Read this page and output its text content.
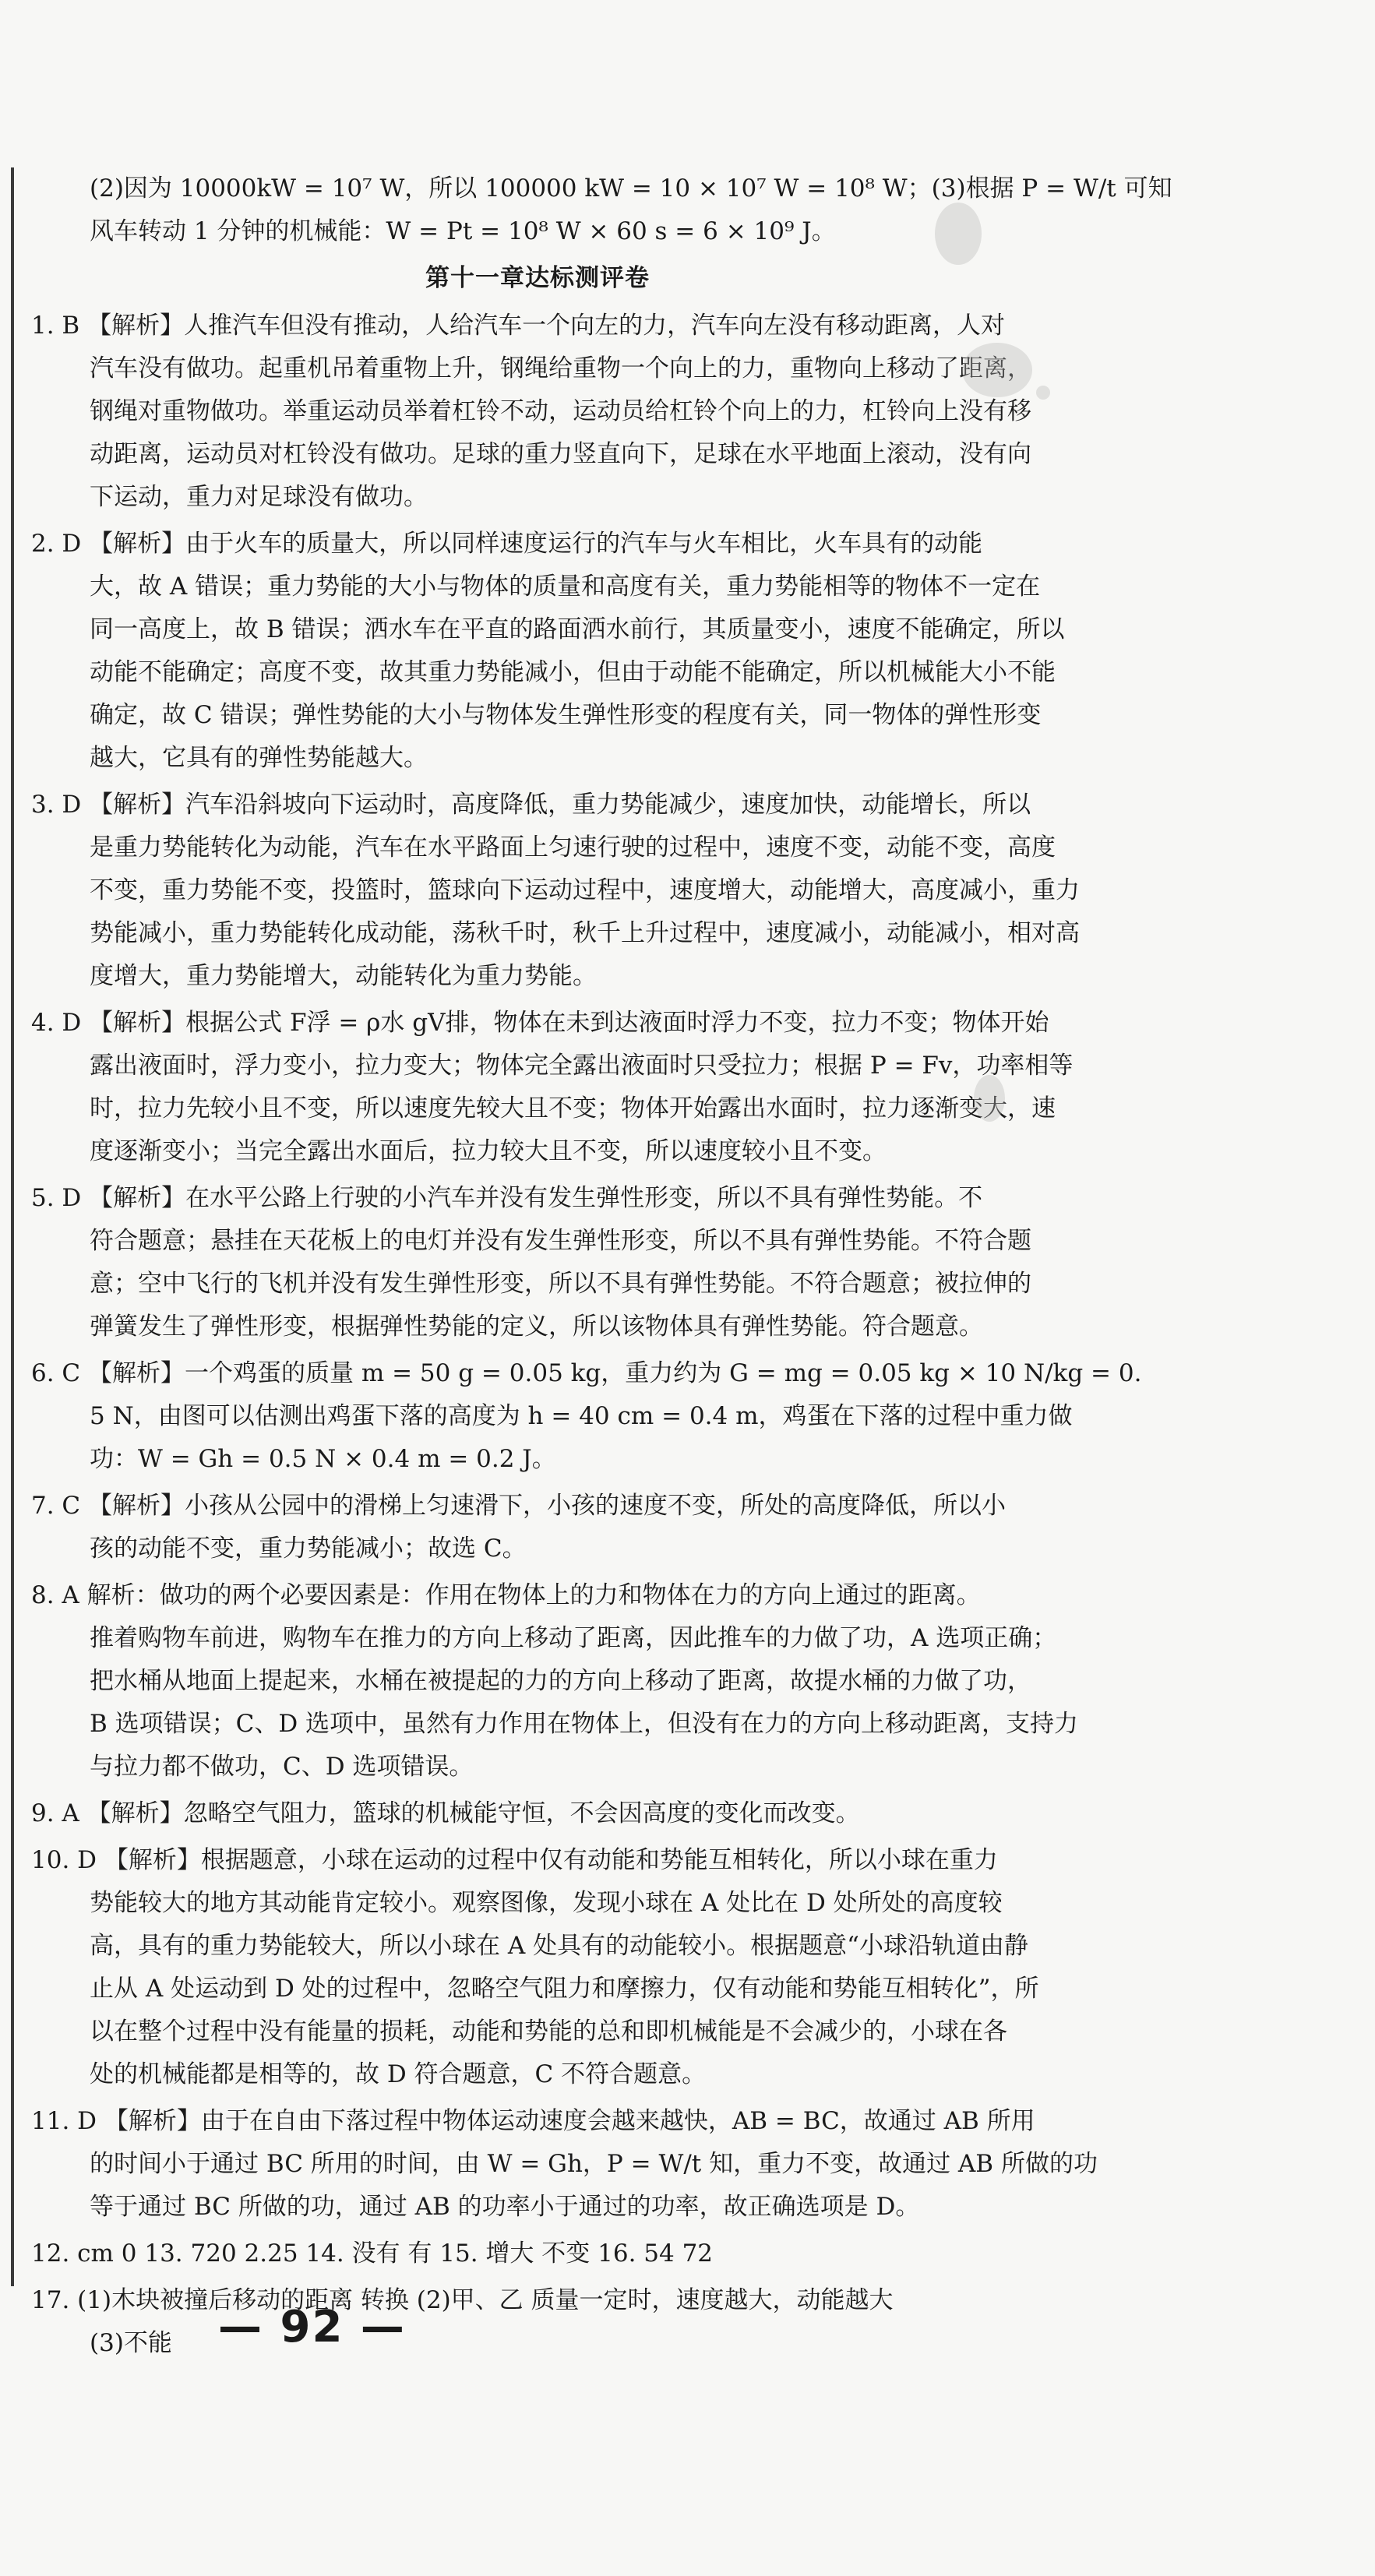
(2)因为 10000kW = 10⁷ W，所以 100000 kW = 10 × 10⁷ W = 10⁸ W；(3)根据 P = W/t 可知
风车转动 1 分钟的机械能：W = Pt = 10⁸ W × 60 s = 6 × 10⁹ J。
第十一章达标测评卷
1. B 【解析】人推汽车但没有推动，人给汽车一个向左的力，汽车向左没有移动距离，人对
汽车没有做功。起重机吊着重物上升，钢绳给重物一个向上的力，重物向上移动了距离，
钢绳对重物做功。举重运动员举着杠铃不动，运动员给杠铃个向上的力，杠铃向上没有移
动距离，运动员对杠铃没有做功。足球的重力竖直向下，足球在水平地面上滚动，没有向
下运动，重力对足球没有做功。
2. D 【解析】由于火车的质量大，所以同样速度运行的汽车与火车相比，火车具有的动能
大，故 A 错误；重力势能的大小与物体的质量和高度有关，重力势能相等的物体不一定在
同一高度上，故 B 错误；洒水车在平直的路面洒水前行，其质量变小，速度不能确定，所以
动能不能确定；高度不变，故其重力势能减小，但由于动能不能确定，所以机械能大小不能
确定，故 C 错误；弹性势能的大小与物体发生弹性形变的程度有关，同一物体的弹性形变
越大，它具有的弹性势能越大。
3. D 【解析】汽车沿斜坡向下运动时，高度降低，重力势能减少，速度加快，动能增长，所以
是重力势能转化为动能，汽车在水平路面上匀速行驶的过程中，速度不变，动能不变，高度
不变，重力势能不变，投篮时，篮球向下运动过程中，速度增大，动能增大，高度减小，重力
势能减小，重力势能转化成动能，荡秋千时，秋千上升过程中，速度减小，动能减小，相对高
度增大，重力势能增大，动能转化为重力势能。
4. D 【解析】根据公式 F浮 = ρ水 gV排，物体在未到达液面时浮力不变，拉力不变；物体开始
露出液面时，浮力变小，拉力变大；物体完全露出液面时只受拉力；根据 P = Fv，功率相等
时，拉力先较小且不变，所以速度先较大且不变；物体开始露出水面时，拉力逐渐变大，速
度逐渐变小；当完全露出水面后，拉力较大且不变，所以速度较小且不变。
5. D 【解析】在水平公路上行驶的小汽车并没有发生弹性形变，所以不具有弹性势能。不
符合题意；悬挂在天花板上的电灯并没有发生弹性形变，所以不具有弹性势能。不符合题
意；空中飞行的飞机并没有发生弹性形变，所以不具有弹性势能。不符合题意；被拉伸的
弹簧发生了弹性形变，根据弹性势能的定义，所以该物体具有弹性势能。符合题意。
6. C 【解析】一个鸡蛋的质量 m = 50 g = 0.05 kg，重力约为 G = mg = 0.05 kg × 10 N/kg = 0.
5 N，由图可以估测出鸡蛋下落的高度为 h = 40 cm = 0.4 m，鸡蛋在下落的过程中重力做
功：W = Gh = 0.5 N × 0.4 m = 0.2 J。
7. C 【解析】小孩从公园中的滑梯上匀速滑下，小孩的速度不变，所处的高度降低，所以小
孩的动能不变，重力势能减小；故选 C。
8. A 解析：做功的两个必要因素是：作用在物体上的力和物体在力的方向上通过的距离。
推着购物车前进，购物车在推力的方向上移动了距离，因此推车的力做了功，A 选项正确；
把水桶从地面上提起来，水桶在被提起的力的方向上移动了距离，故提水桶的力做了功，
B 选项错误；C、D 选项中，虽然有力作用在物体上，但没有在力的方向上移动距离，支持力
与拉力都不做功，C、D 选项错误。
9. A 【解析】忽略空气阻力，篮球的机械能守恒，不会因高度的变化而改变。
10. D 【解析】根据题意，小球在运动的过程中仅有动能和势能互相转化，所以小球在重力
势能较大的地方其动能肯定较小。观察图像，发现小球在 A 处比在 D 处所处的高度较
高，具有的重力势能较大，所以小球在 A 处具有的动能较小。根据题意“小球沿轨道由静
止从 A 处运动到 D 处的过程中，忽略空气阻力和摩擦力，仅有动能和势能互相转化”，所
以在整个过程中没有能量的损耗，动能和势能的总和即机械能是不会减少的，小球在各
处的机械能都是相等的，故 D 符合题意，C 不符合题意。
11. D 【解析】由于在自由下落过程中物体运动速度会越来越快，AB = BC，故通过 AB 所用
的时间小于通过 BC 所用的时间，由 W = Gh，P = W/t 知，重力不变，故通过 AB 所做的功
等于通过 BC 所做的功，通过 AB 的功率小于通过的功率，故正确选项是 D。
12. cm 0 13. 720 2.25 14. 没有 有 15. 增大 不变 16. 54 72
17. (1)木块被撞后移动的距离 转换 (2)甲、乙 质量一定时，速度越大，动能越大
(3)不能	— 92 —
